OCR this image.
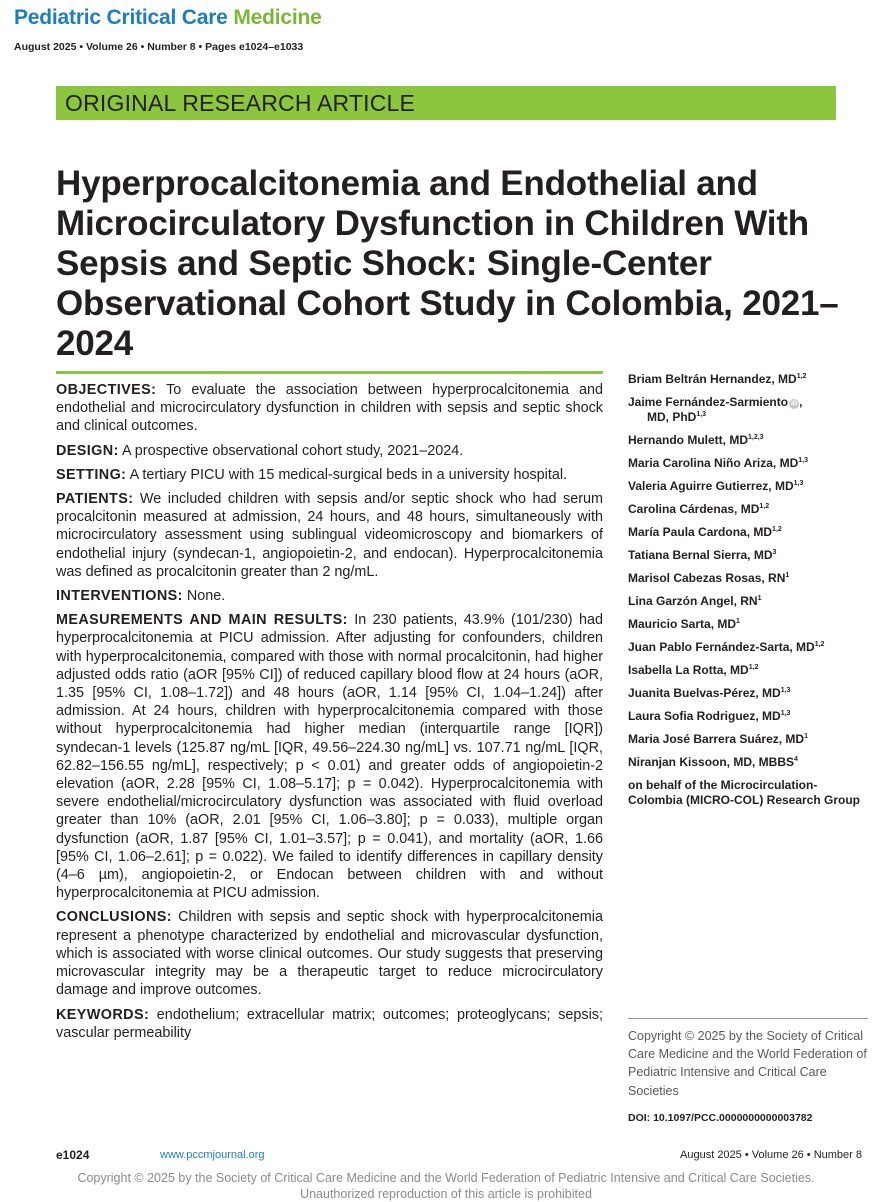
Pediatric Critical Care Medicine
August 2025 • Volume 26 • Number 8 • Pages e1024–e1033
ORIGINAL RESEARCH ARTICLE
Hyperprocalcitonemia and Endothelial and Microcirculatory Dysfunction in Children With Sepsis and Septic Shock: Single-Center Observational Cohort Study in Colombia, 2021–2024

OBJECTIVES: To evaluate the association between hyperprocalcitonemia and endothelial and microcirculatory dysfunction in children with sepsis and septic shock and clinical outcomes.

DESIGN: A prospective observational cohort study, 2021–2024.

SETTING: A tertiary PICU with 15 medical-surgical beds in a university hospital.

PATIENTS: We included children with sepsis and/or septic shock who had serum procalcitonin measured at admission, 24 hours, and 48 hours, simultaneously with microcirculatory assessment using sublingual videomicroscopy and biomarkers of endothelial injury (syndecan-1, angiopoietin-2, and endocan). Hyperprocalcitonemia was defined as procalcitonin greater than 2 ng/mL.

INTERVENTIONS: None.

MEASUREMENTS AND MAIN RESULTS: In 230 patients, 43.9% (101/230) had hyperprocalcitonemia at PICU admission. After adjusting for confounders, children with hyperprocalcitonemia, compared with those with normal procalcitonin, had higher adjusted odds ratio (aOR [95% CI]) of reduced capillary blood flow at 24 hours (aOR, 1.35 [95% CI, 1.08–1.72]) and 48 hours (aOR, 1.14 [95% CI, 1.04–1.24]) after admission. At 24 hours, children with hyperprocalcitonemia compared with those without hyperprocalcitonemia had higher median (interquartile range [IQR]) syndecan-1 levels (125.87 ng/mL [IQR, 49.56–224.30 ng/mL] vs. 107.71 ng/mL [IQR, 62.82–156.55 ng/mL], respectively; p < 0.01) and greater odds of angiopoietin-2 elevation (aOR, 2.28 [95% CI, 1.08–5.17]; p = 0.042). Hyperprocalcitonemia with severe endothelial/microcirculatory dysfunction was associated with fluid overload greater than 10% (aOR, 2.01 [95% CI, 1.06–3.80]; p = 0.033), multiple organ dysfunction (aOR, 1.87 [95% CI, 1.01–3.57]; p = 0.041), and mortality (aOR, 1.66 [95% CI, 1.06–2.61]; p = 0.022). We failed to identify differences in capillary density (4–6 µm), angiopoietin-2, or Endocan between children with and without hyperprocalcitonemia at PICU admission.

CONCLUSIONS: Children with sepsis and septic shock with hyperprocalcitonemia represent a phenotype characterized by endothelial and microvascular dysfunction, which is associated with worse clinical outcomes. Our study suggests that preserving microvascular integrity may be a therapeutic target to reduce microcirculatory damage and improve outcomes.

KEYWORDS: endothelium; extracellular matrix; outcomes; proteoglycans; sepsis; vascular permeability

Briam Beltrán Hernandez, MD$^{1,2}$
Jaime Fernández-Sarmiento iD ,
MD, PhD$^{1,3}$
Hernando Mulett, MD$^{1,2,3}$
Maria Carolina Niño Ariza, MD$^{1,3}$
Valeria Aguirre Gutierrez, MD$^{1,3}$
Carolina Cárdenas, MD$^{1,2}$
María Paula Cardona, MD$^{1,2}$
Tatiana Bernal Sierra, $MD^3$
Marisol Cabezas Rosas, $RN^1$
Lina Garzón Angel, $RN^1$
Mauricio Sarta, $MD^1$
Juan Pablo Fernández-Sarta, MD$^{1,2}$
Isabella La Rotta, MD$^{1,2}$
Juanita Buelvas-Pérez, MD$^{1,3}$
Laura Sofia Rodriguez, MD$^{1,3}$
Maria José Barrera Suárez, $MD^1$
Niranjan Kissoon, MD, MBBS$^4$
on behalf of the Microcirculation-Colombia (MICRO-COL) Research Group
Copyright © 2025 by the Society of Critical Care Medicine and the World Federation of Pediatric Intensive and Critical Care Societies
DOI: 10.1097/PCC.0000000000003782
e1024	www.pccmjournal.org	August 2025 • Volume 26 • Number 8
Copyright © 2025 by the Society of Critical Care Medicine and the World Federation of Pediatric Intensive and Critical Care Societies.
Unauthorized reproduction of this article is prohibited
